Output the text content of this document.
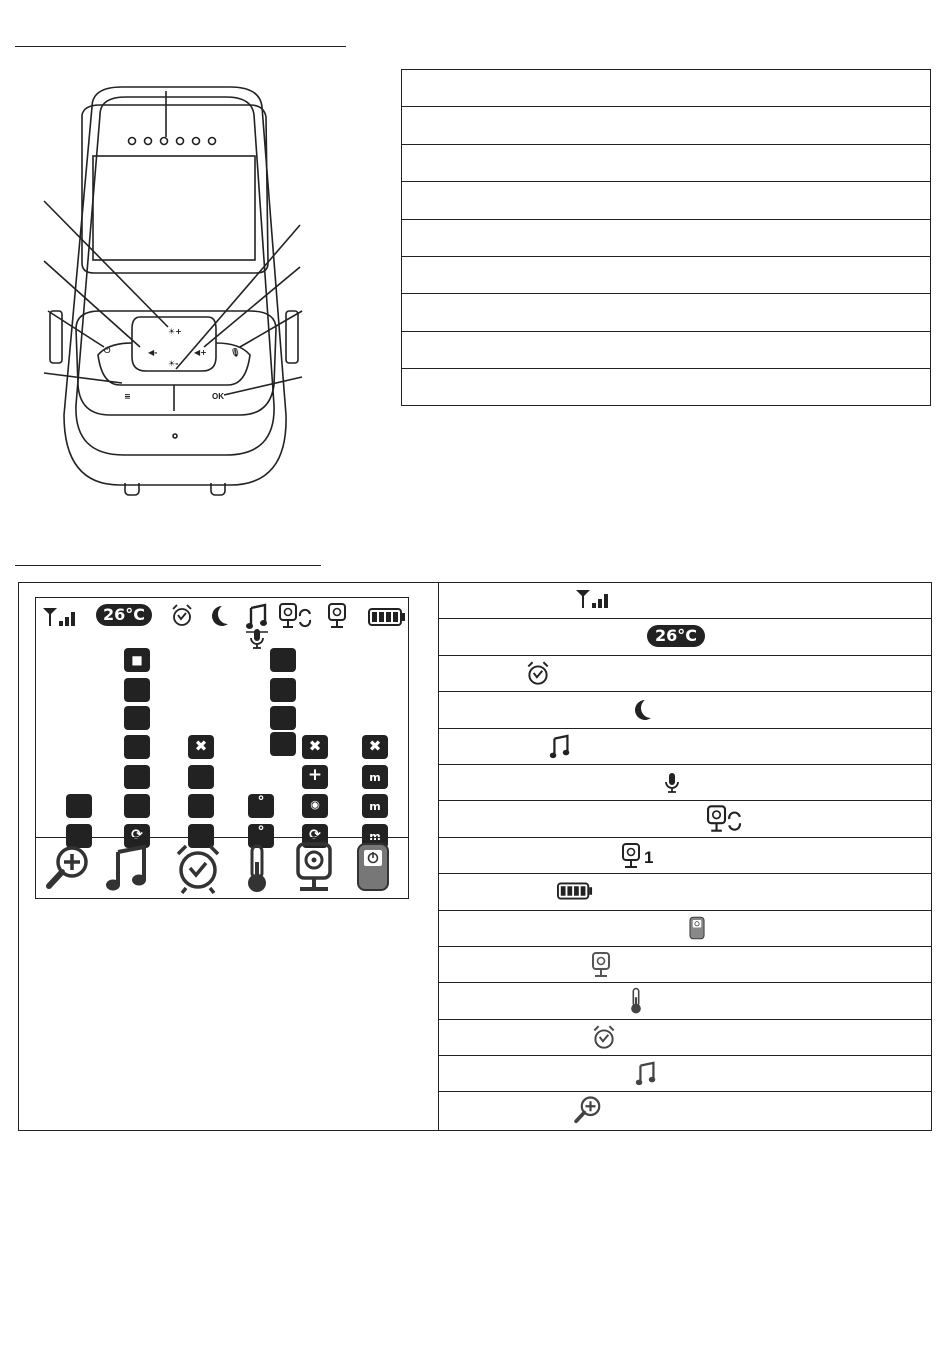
◀-	◀+
☀+
☀-
🎙
⏻
≡	OK
26°C
■
⟳
✖
°
°
✖
+
◉
⟳
✖
m
m
m
26°C
1
